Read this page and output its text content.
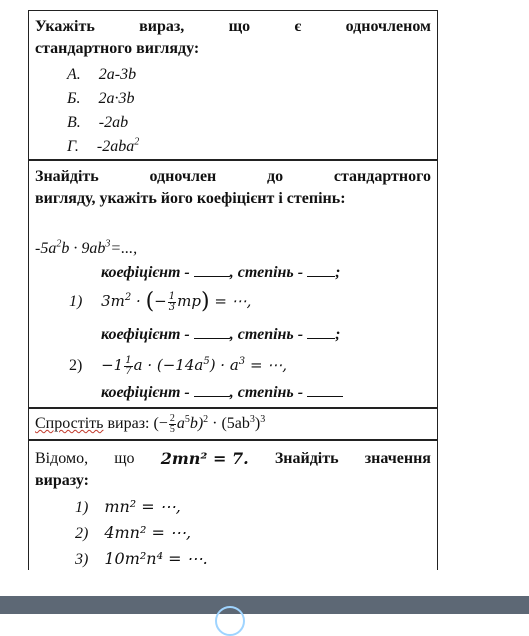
Укажіть	вираз,	що	є	одночленом
стандартного вигляду:
А. 2a-3b
Б. 2a·3b
В. -2ab
Г. -2aba$^2$
Знайдіть	одночлен	до	стандартного
вигляду, укажіть його коефіцієнт і степінь:
$-5a^2b \cdot 9ab^3=$...,
коефіцієнт -	, степінь - ;
1) $3m^2$ · (− $\frac{1}{3} mp$) = ⋯,
коефіцієнт -	, степінь - ;
$2) -1 \frac{1}{7}$ $a \cdot (-14a^5) \cdot a^3$ = ⋯,
коефіцієнт -	, степінь -
Спростіть вираз: (− $\frac{2}{5} a^5b)^2 \cdot (5ab^3)^3$
Відомо, що 2mn² = 7. Знайдіть значення
виразу:
1) mn² = ⋯,
2) 4mn² = ⋯,
3) 10m²n⁴ = ⋯.
